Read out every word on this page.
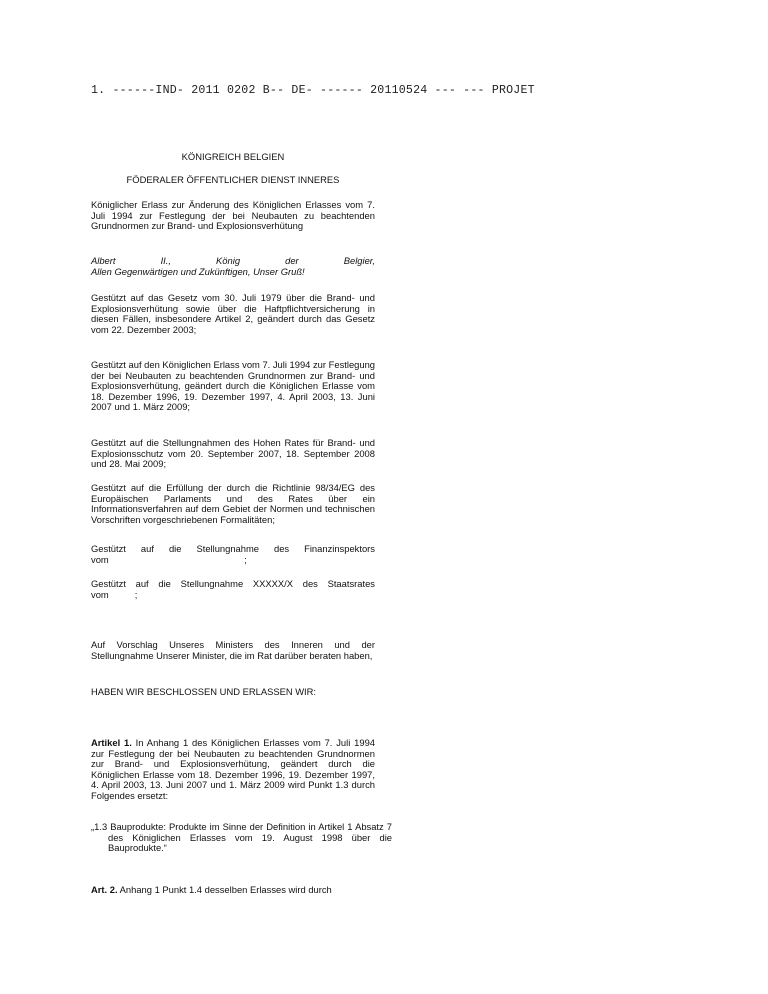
1. ------IND- 2011 0202 B-- DE- ------ 20110524 --- --- PROJET
KÖNIGREICH BELGIEN
FÖDERALER ÖFFENTLICHER DIENST INNERES
Königlicher Erlass zur Änderung des Königlichen Erlasses vom 7. Juli 1994 zur Festlegung der bei Neubauten zu beachtenden Grundnormen zur Brand- und Explosionsverhütung
Albert II., König der Belgier,
Allen Gegenwärtigen und Zukünftigen, Unser Gruß!
Gestützt auf das Gesetz vom 30. Juli 1979 über die Brand- und Explosionsverhütung sowie über die Haftpflichtversicherung in diesen Fällen, insbesondere Artikel 2, geändert durch das Gesetz vom 22. Dezember 2003;
Gestützt auf den Königlichen Erlass vom 7. Juli 1994 zur Festlegung der bei Neubauten zu beachtenden Grundnormen zur Brand- und Explosionsverhütung, geändert durch die Königlichen Erlasse vom 18. Dezember 1996, 19. Dezember 1997, 4. April 2003, 13. Juni 2007 und 1. März 2009;
Gestützt auf die Stellungnahmen des Hohen Rates für Brand- und Explosionsschutz vom 20. September 2007, 18. September 2008 und 28. Mai 2009;
Gestützt auf die Erfüllung der durch die Richtlinie 98/34/EG des Europäischen Parlaments und des Rates über ein Informationsverfahren auf dem Gebiet der Normen und technischen Vorschriften vorgeschriebenen Formalitäten;
Gestützt auf die Stellungnahme des Finanzinspektors
vom                                                    ;
Gestützt auf die Stellungnahme XXXXX/X des Staatsrates
vom          ;
Auf Vorschlag Unseres Ministers des Inneren und der Stellungnahme Unserer Minister, die im Rat darüber beraten haben,
HABEN WIR BESCHLOSSEN UND ERLASSEN WIR:
Artikel 1. In Anhang 1 des Königlichen Erlasses vom 7. Juli 1994 zur Festlegung der bei Neubauten zu beachtenden Grundnormen zur Brand- und Explosionsverhütung, geändert durch die Königlichen Erlasse vom 18. Dezember 1996, 19. Dezember 1997, 4. April 2003, 13. Juni 2007 und 1. März 2009 wird Punkt 1.3 durch Folgendes ersetzt:
„1.3 Bauprodukte: Produkte im Sinne der Definition in Artikel 1 Absatz 7 des Königlichen Erlasses vom 19. August 1998 über die Bauprodukte.“
Art. 2. Anhang 1 Punkt 1.4 desselben Erlasses wird durch
